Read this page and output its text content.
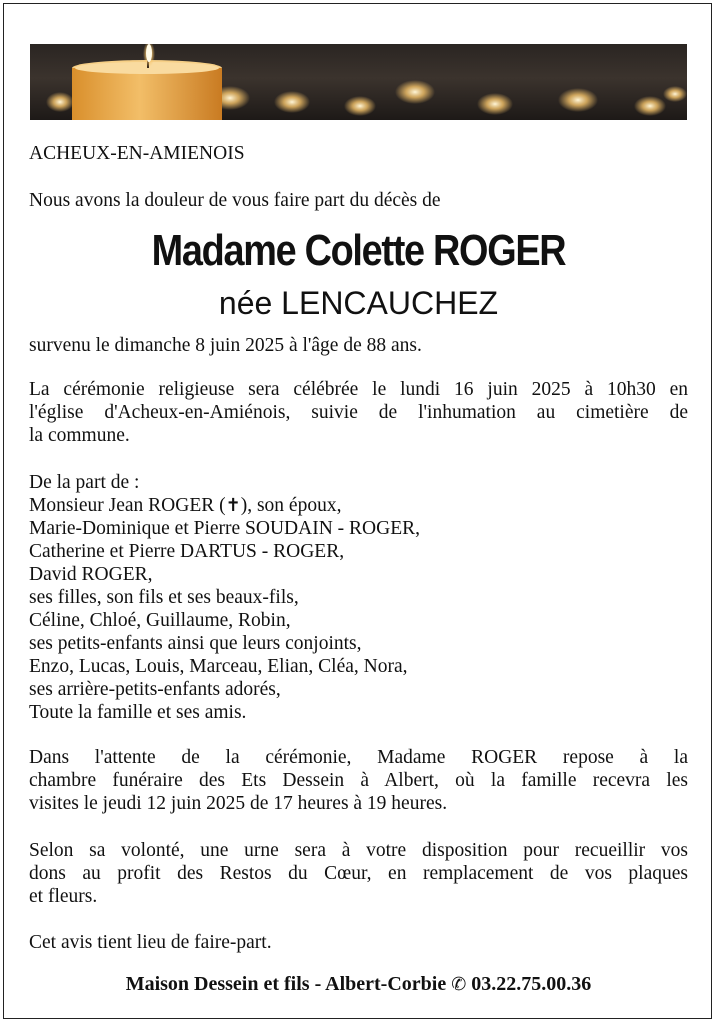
ACHEUX-EN-AMIENOIS
Nous avons la douleur de vous faire part du décès de
Madame Colette ROGER
née LENCAUCHEZ
survenu le dimanche 8 juin 2025 à l'âge de 88 ans.
La cérémonie religieuse sera célébrée le lundi 16 juin 2025 à 10h30 en
l'église d'Acheux-en-Amiénois, suivie de l'inhumation au cimetière de
la commune.
De la part de :
Monsieur Jean ROGER (✝), son époux,
Marie-Dominique et Pierre SOUDAIN - ROGER,
Catherine et Pierre DARTUS - ROGER,
David ROGER,
ses filles, son fils et ses beaux-fils,
Céline, Chloé, Guillaume, Robin,
ses petits-enfants ainsi que leurs conjoints,
Enzo, Lucas, Louis, Marceau, Elian, Cléa, Nora,
ses arrière-petits-enfants adorés,
Toute la famille et ses amis.
Dans l'attente de la cérémonie, Madame ROGER repose à la
chambre funéraire des Ets Dessein à Albert, où la famille recevra les
visites le jeudi 12 juin 2025 de 17 heures à 19 heures.
Selon sa volonté, une urne sera à votre disposition pour recueillir vos
dons au profit des Restos du Cœur, en remplacement de vos plaques
et fleurs.
Cet avis tient lieu de faire-part.
Maison Dessein et fils - Albert-Corbie ✆ 03.22.75.00.36
